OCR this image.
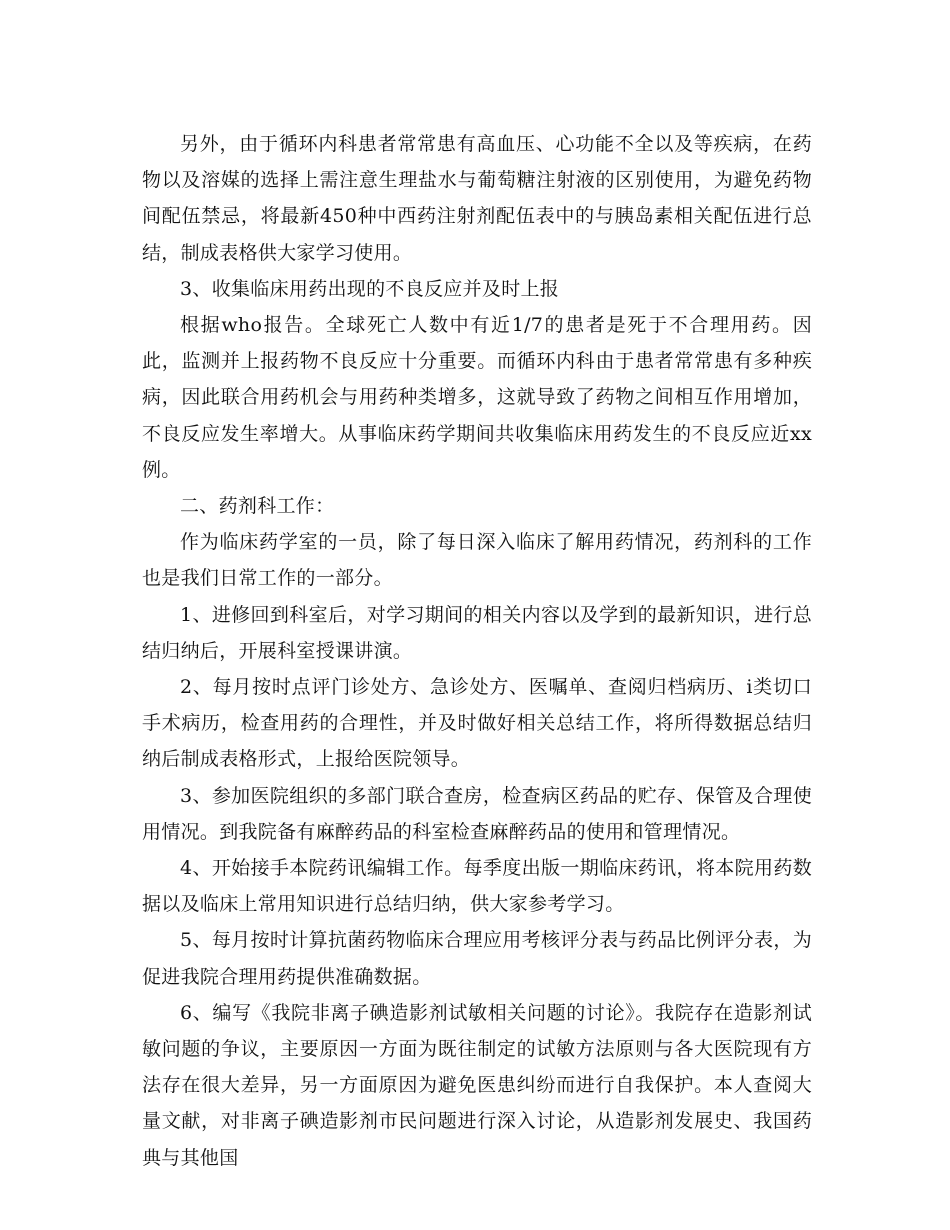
另外，由于循环内科患者常常患有高血压、心功能不全以及等疾病，在药物以及溶媒的选择上需注意生理盐水与葡萄糖注射液的区别使用，为避免药物间配伍禁忌，将最新450种中西药注射剂配伍表中的与胰岛素相关配伍进行总结，制成表格供大家学习使用。

3、收集临床用药出现的不良反应并及时上报

根据who报告。全球死亡人数中有近1/7的患者是死于不合理用药。因此，监测并上报药物不良反应十分重要。而循环内科由于患者常常患有多种疾病，因此联合用药机会与用药种类增多，这就导致了药物之间相互作用增加，不良反应发生率增大。从事临床药学期间共收集临床用药发生的不良反应近xx例。

二、药剂科工作：

作为临床药学室的一员，除了每日深入临床了解用药情况，药剂科的工作也是我们日常工作的一部分。

1、进修回到科室后，对学习期间的相关内容以及学到的最新知识，进行总结归纳后，开展科室授课讲演。

2、每月按时点评门诊处方、急诊处方、医嘱单、查阅归档病历、ⅰ类切口手术病历，检查用药的合理性，并及时做好相关总结工作，将所得数据总结归纳后制成表格形式，上报给医院领导。

3、参加医院组织的多部门联合查房，检查病区药品的贮存、保管及合理使用情况。到我院备有麻醉药品的科室检查麻醉药品的使用和管理情况。

4、开始接手本院药讯编辑工作。每季度出版一期临床药讯，将本院用药数据以及临床上常用知识进行总结归纳，供大家参考学习。

5、每月按时计算抗菌药物临床合理应用考核评分表与药品比例评分表，为促进我院合理用药提供准确数据。

6、编写《我院非离子碘造影剂试敏相关问题的讨论》。我院存在造影剂试敏问题的争议，主要原因一方面为既往制定的试敏方法原则与各大医院现有方法存在很大差异，另一方面原因为避免医患纠纷而进行自我保护。本人查阅大量文献，对非离子碘造影剂市民问题进行深入讨论，从造影剂发展史、我国药典与其他国
